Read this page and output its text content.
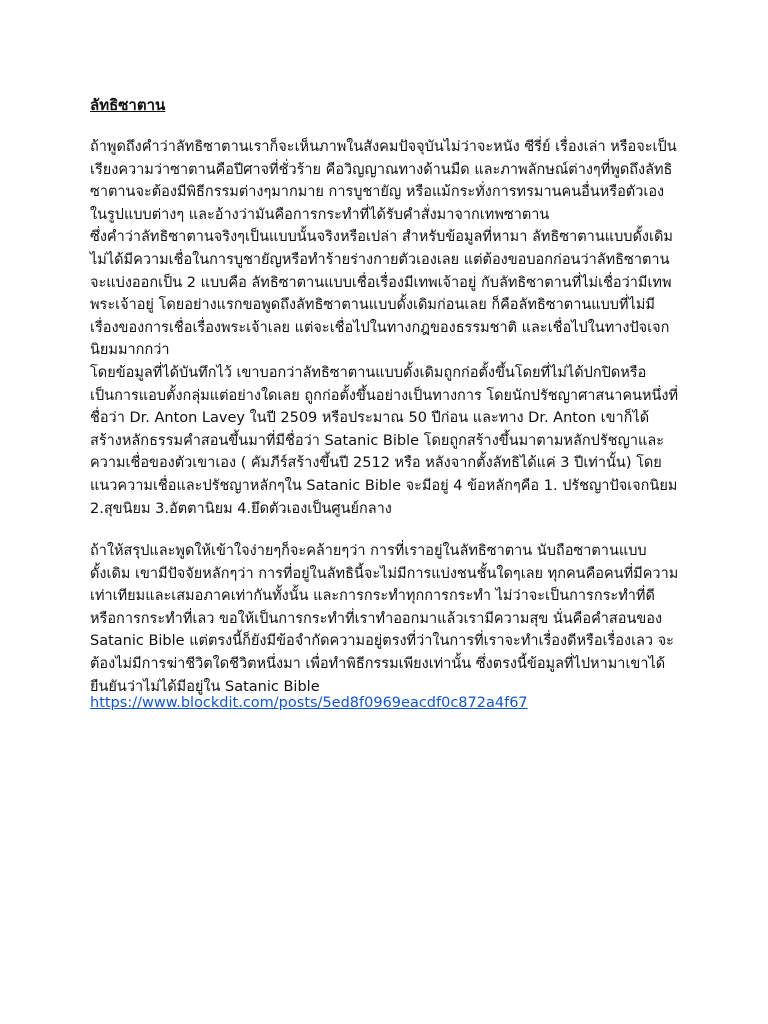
ลัทธิซาตาน

ถ้าพูดถึงคำว่าลัทธิซาตานเราก็จะเห็นภาพในสังคมปัจจุบันไม่ว่าจะหนัง ซีรี่ย์ เรื่องเล่า หรือจะเป็นเรียงความว่าซาตานคือปีศาจที่ชั่วร้าย คือวิญญาณทางด้านมืด และภาพลักษณ์ต่างๆที่พูดถึงลัทธิซาตานจะต้องมีพิธีกรรมต่างๆมากมาย การบูชายัญ หรือแม้กระทั่งการทรมานคนอื่นหรือตัวเองในรูปแบบต่างๆ และอ้างว่ามันคือการกระทำที่ได้รับคำสั่งมาจากเทพซาตาน

ซึ่งคำว่าลัทธิซาตานจริงๆเป็นแบบนั้นจริงหรือเปล่า สำหรับข้อมูลที่หามา ลัทธิซาตานแบบดั้งเดิมไม่ได้มีความเชื่อในการบูชายัญหรือทำร้ายร่างกายตัวเองเลย แต่ต้องขอบอกก่อนว่าลัทธิซาตานจะแบ่งออกเป็น 2 แบบคือ ลัทธิซาตานแบบเชื่อเรื่องมีเทพเจ้าอยู่ กับลัทธิซาตานที่ไม่เชื่อว่ามีเทพพระเจ้าอยู่ โดยอย่างแรกขอพูดถึงลัทธิซาตานแบบดั้งเดิมก่อนเลย ก็คือลัทธิซาตานแบบที่ไม่มีเรื่องของการเชื่อเรื่องพระเจ้าเลย แต่จะเชื่อไปในทางกฎของธรรมชาติ และเชื่อไปในทางปัจเจกนิยมมากกว่า

โดยข้อมูลที่ได้บันทึกไว้ เขาบอกว่าลัทธิซาตานแบบดั้งเดิมถูกก่อตั้งขึ้นโดยที่ไม่ได้ปกปิดหรือเป็นการแอบตั้งกลุ่มแต่อย่างใดเลย ถูกก่อตั้งขึ้นอย่างเป็นทางการ โดยนักปรัชญาศาสนาคนหนึ่งที่ชื่อว่า Dr. Anton Lavey ในปี 2509 หรือประมาณ 50 ปีก่อน และทาง Dr. Anton เขาก็ได้สร้างหลักธรรมคำสอนขึ้นมาที่มีชื่อว่า Satanic Bible โดยถูกสร้างขึ้นมาตามหลักปรัชญาและความเชื่อของตัวเขาเอง ( คัมภีร์สร้างขึ้นปี 2512 หรือ หลังจากตั้งลัทธิได้แค่ 3 ปีเท่านั้น) โดยแนวความเชื่อและปรัชญาหลักๆใน Satanic Bible จะมีอยู่ 4 ข้อหลักๆคือ 1. ปรัชญาปัจเจกนิยม 2.สุขนิยม 3.อัตตานิยม 4.ยึดตัวเองเป็นศูนย์กลาง

ถ้าให้สรุปและพูดให้เข้าใจง่ายๆก็จะคล้ายๆว่า การที่เราอยู่ในลัทธิซาตาน นับถือซาตานแบบดั้งเดิม เขามีปัจจัยหลักๆว่า การที่อยู่ในลัทธินี้จะไม่มีการแบ่งชนชั้นใดๆเลย ทุกคนคือคนที่มีความเท่าเทียมและเสมอภาคเท่ากันทั้งนั้น และการกระทำทุกการกระทำ ไม่ว่าจะเป็นการกระทำที่ดีหรือการกระทำที่เลว ขอให้เป็นการกระทำที่เราทำออกมาแล้วเรามีความสุข นั่นคือคำสอนของ Satanic Bible แต่ตรงนี้ก็ยังมีข้อจำกัดความอยู่ตรงที่ว่าในการที่เราจะทำเรื่องดีหรือเรื่องเลว จะต้องไม่มีการฆ่าชีวิตใดชีวิตหนึ่งมา เพื่อทำพิธีกรรมเพียงเท่านั้น ซึ่งตรงนี้ข้อมูลที่ไปหามาเขาได้ยืนยันว่าไม่ได้มีอยู่ใน Satanic Bible

https://www.blockdit.com/posts/5ed8f0969eacdf0c872a4f67
